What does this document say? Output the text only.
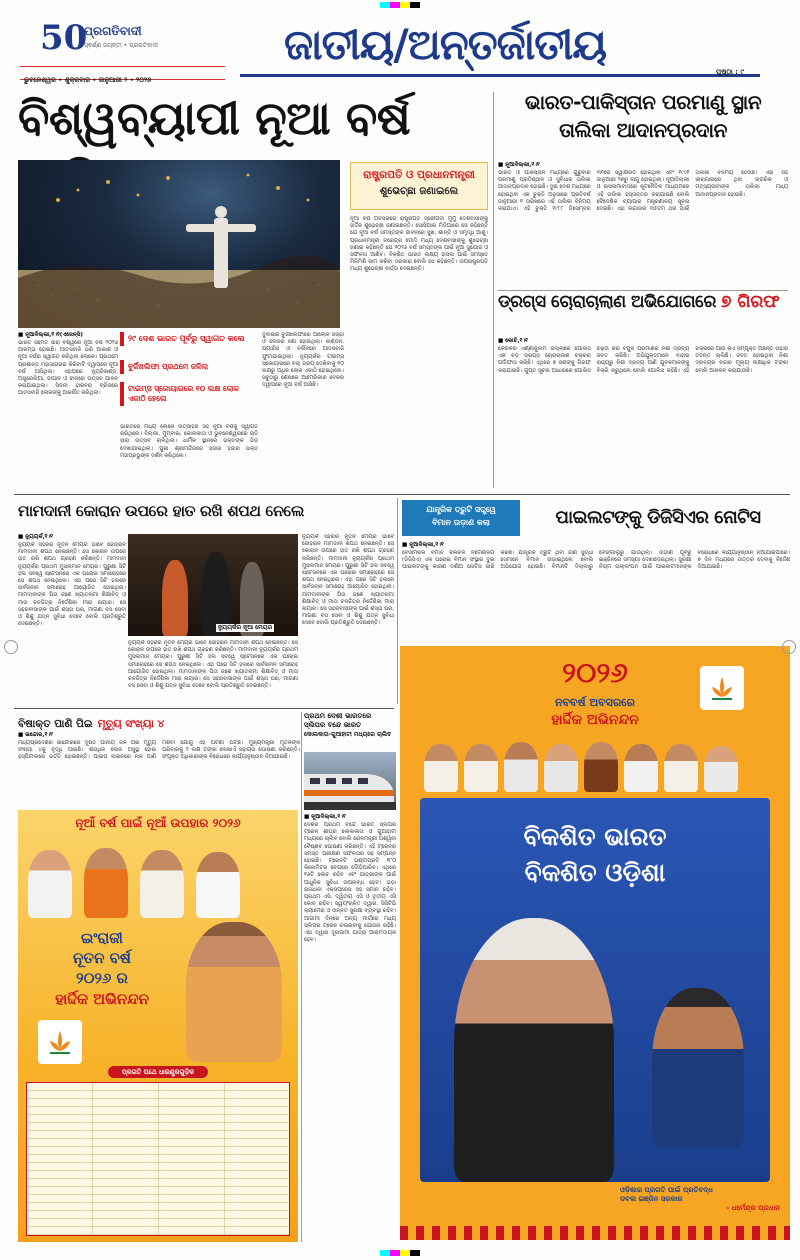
50
ପ୍ରଗତିବାଦୀ
ସ୍ଵର୍ଣ୍ଣ ଜୟନ୍ତୀ • ପ୍ରଗତିବାଦୀ
ଭୁବନେଶ୍ୱର • ଶୁକ୍ରବାର • ଜାନୁଆରୀ ୨ • ୨୦୨୬
ଜାତୀୟ/ଅନ୍ତର୍ଜାତୀୟ
ପୃଷ୍ଠା : ୯
ବିଶ୍ୱବ୍ୟାପୀ ନୂଆ ବର୍ଷ
୨୯ ଦେଶ ଭାରତ ପୂର୍ବରୁ ସ୍ୱାଗତ କଲେ
ବୁର୍ଜିଖଲିଫା ପ୍ରଥମେ ଜଳିଲା
ଟାଇମ୍ସ ସ୍କୋୟାରରେ ୧୦ ଲକ୍ଷ ଲୋକ ଏକାଠି ହେଲେ
■ ନୂଆଦିଲ୍ଲୀ,୧।୧(ଏଜେନ୍ସି)
ଭାରତ ସମେତ ସାରା ବିଶ୍ୱରେ ନୂଆ ବର୍ଷ ୨୦୨୬ ଆରମ୍ଭ ହୋଇଛି। ଆତସବାଜି ଭରି ଆକାଶ ଓ ନୂଆ ବର୍ଷର ସ୍ୱାଗତ କରିଥିଲା ଲୋକେ। ପ୍ରଥମେ ପ୍ରଶାନ୍ତ ମହାସାଗରର କିରିବାଟି ଦ୍ୱୀପରେ ନୂଆ ବର୍ଷ ଆସିଥିଲା। ଏହାପରେ ନ୍ୟୁଜିଲାଣ୍ଡ, ଅଷ୍ଟ୍ରେଲିଆ, ଜାପାନ ଓ ଚୀନରେ ଉତ୍ସବ ପାଳନ କରାଯାଇଥିଲା। ସିଡନୀ ହାରବର ବ୍ରିଜରେ ଆତସବାଜି ଲୋକଙ୍କୁ ଆକର୍ଷିତ କରିଥିଲା।
ଭାରତରେ ମଧ୍ୟ ଲୋକେ ଉତ୍ସାହର ସହ ନୂଆ ବର୍ଷକୁ ସ୍ୱାଗତ କରିଥିଲେ। ଦିଲ୍ଲୀ, ମୁମ୍ବାଇ, କୋଲକାତା ଓ ଭୁବନେଶ୍ୱରରେ ରାତି ସାରା ଉତ୍ସବ ଚାଲିଥିଲା। ଧାର୍ମିକ ସ୍ଥାନରେ ଭକ୍ତଙ୍କ ଭିଡ଼ ଦେଖାଯାଇଥିଲା। ପୁରୀ ଶ୍ରୀମନ୍ଦିରରେ ହଜାର ହଜାର ଭକ୍ତ ମହାପ୍ରଭୁଙ୍କ ଦର୍ଶନ କରିଥିଲେ।
ଦୁବାଇର ବୁର୍ଜଖଲିଫାରେ ଆଲୋକ ସଜ୍ଜା ଓ ଲେଜର ଶୋ ହୋଇଥିଲା। ଲଣ୍ଡନ, ପ୍ୟାରିସ ଓ ବର୍ଲିନରେ ଆତସବାଜି ଫୁଟାଯାଇଥିଲା। ନ୍ୟୁୟର୍କର ଟାଇମ୍ସ ସ୍କୋୟାରରେ ବଲ୍ ଡ୍ରପ୍ ଦେଖିବାକୁ ୧୦ ଲକ୍ଷରୁ ଅଧିକ ଲୋକ ଏକାଠି ହୋଇଥିଲେ। ସବୁଠାରୁ ଶେଷରେ ଆମେରିକାର ବେକର ଦ୍ୱୀପରେ ନୂଆ ବର୍ଷ ଆସିଛି।
ରାଷ୍ଟ୍ରପତି ଓ ପ୍ରଧାନମନ୍ତ୍ରୀ
ଶୁଭେଚ୍ଛା ଜଣାଇଲେ
ନୂଆ ବର୍ଷ ଅବସରରେ ରାଷ୍ଟ୍ରପତି ଦ୍ରୌପଦୀ ମୁର୍ମୁ ଦେଶବାସୀଙ୍କୁ ହାର୍ଦ୍ଦିକ ଶୁଭେଚ୍ଛା ଜଣାଇଛନ୍ତି। ସୋସିଆଲ ମିଡିଆରେ ସେ କହିଛନ୍ତି ଯେ ନୂଆ ବର୍ଷ ସମସ୍ତଙ୍କ ଜୀବନରେ ସୁଖ, ଶାନ୍ତି ଓ ସମୃଦ୍ଧି ଆଣୁ। ପ୍ରଧାନମନ୍ତ୍ରୀ ନରେନ୍ଦ୍ର ମୋଦି ମଧ୍ୟ ଦେଶବାସୀଙ୍କୁ ଶୁଭେଚ୍ଛା ଜଣାଇ କହିଛନ୍ତି ଯେ ୨୦୨୬ ବର୍ଷ ସମସ୍ତଙ୍କ ପାଇଁ ନୂଆ ସୁଯୋଗ ଓ ସଫଳତା ଆଣିବ। ବିକଶିତ ଭାରତ ଲକ୍ଷ୍ୟ ହାସଲ ପାଇଁ ସମସ୍ତେ ମିଳିମିଶି କାମ କରିବା ଦରକାର ବୋଲି ସେ କହିଛନ୍ତି। ଉପରାଷ୍ଟ୍ରପତି ମଧ୍ୟ ଶୁଭେଚ୍ଛା ବାର୍ତ୍ତା ଦେଇଛନ୍ତି।
ଭାରତ-ପାକିସ୍ତାନ ପରମାଣୁ ସ୍ଥାନ ତାଲିକା ଆଦାନପ୍ରଦାନ
■ ନୂଆଦିଲ୍ଲୀ,୧।୧
ଭାରତ ଓ ପାକିସ୍ତାନ ମଧ୍ୟରେ ଗୁରୁବାର ପରମାଣୁ ପ୍ରତିଷ୍ଠାନ ଓ ସୁବିଧାର ତାଲିକା ଆଦାନପ୍ରଦାନ ହୋଇଛି। ଦୁଇ ଦେଶ ମଧ୍ୟରେ ହୋଇଥିବା ଏକ ଚୁକ୍ତି ଅନୁସାରେ ପ୍ରତିବର୍ଷ ଜାନୁଆରୀ ୧ ତାରିଖରେ ଏହି ତାଲିକା ବିନିମୟ କରାଯାଏ। ଏହି ଚୁକ୍ତି ୧୯୮୮ ଡିସେମ୍ବର ୩୧ରେ ସ୍ୱାକ୍ଷରିତ ହୋଇଥିଲା ଏବଂ ୧୯୯୧ ଜାନୁଆରୀ ୨୭ରୁ ଲାଗୁ ହୋଇଥିଲା। ନୂଆଦିଲ୍ଲୀ ଓ ଇସଲାମାବାଦରେ କୂଟନୈତିକ ମାଧ୍ୟମରେ ଏହି ତାଲିକା ହସ୍ତାନ୍ତର କରାଯାଇଛି ବୋଲି ବୈଦେଶିକ ବ୍ୟାପାର ମନ୍ତ୍ରଣାଳୟ ସୂଚନା ଦେଇଛି। ଏହା ଲଗାତାର ୩୫ତମ ଥର ପାଇଁ ତାଲିକା ବିନିମୟ ହେଉଛି। ଏହା ସହ କାରାଗାରରେ ଥିବା ନାଗରିକ ଓ ମତ୍ସ୍ୟଜୀବୀଙ୍କ ତାଲିକା ମଧ୍ୟ ଆଦାନପ୍ରଦାନ ହୋଇଛି।
ଡ୍ରଗ୍ସ ଚୋରାଚାଲାଣ ଅଭିଯୋଗରେ ୭ ଗିରଫ
■ କୋଚି,୧।୧
କେରଳର ଏର୍ଣ୍ଣାକୁଲମ ଜିଲ୍ଲାରେ ପୋଲିସ ଏକ ବଡ଼ ଡ୍ରଗ୍ସ ଚୋରାଚାଲାଣ ଚକ୍ରର ପର୍ଦ୍ଦାଫାସ କରିଛି। ଏଥିରେ ୭ ଜଣଙ୍କୁ ଗିରଫ କରାଯାଇଛି। ଗୁପ୍ତ ସୂଚନା ଆଧାରରେ ପୋଲିସ ଚଢ଼ଉ କରି ବିପୁଳ ପରିମାଣର ନିଶା ଦ୍ରବ୍ୟ ଜବତ କରିଛି। ଅଭିଯୁକ୍ତମାନେ ବାହାର ରାଜ୍ୟରୁ ନିଶା ଦ୍ରବ୍ୟ ଆଣି ଯୁବକମାନଙ୍କୁ ବିକ୍ରି କରୁଥିଲେ ବୋଲି ପୋଲିସ କହିଛି। ଏହି ଚକ୍ରରେ ଆଉ କିଏ ସମ୍ପୃକ୍ତ ଅଛନ୍ତି ତାହାର ତଦନ୍ତ ଚାଲିଛି। ଜବତ ହୋଇଥିବା ନିଶା ଦ୍ରବ୍ୟର ବଜାର ମୂଲ୍ୟ ଲକ୍ଷାଧିକ ଟଙ୍କା ବୋଲି ଆକଳନ କରାଯାଉଛି।
ମାମଦାନୀ କୋରାନ ଉପରେ ହାତ ରଖି ଶପଥ ନେଲେ
■ ନ୍ୟୁୟର୍କ,୧।୧
ନ୍ୟୁୟର୍କର ନୂଆ ମେୟର
ନ୍ୟୁୟର୍କ ସହରର ନୂତନ ମେୟର ଭାବେ ଜୋହରାନ ମାମଦାନୀ ଶପଥ ନେଇଛନ୍ତି। ସେ କୋରାନ ଉପରେ ହାତ ରଖି ଶପଥ ଗ୍ରହଣ କରିଛନ୍ତି। ମାମଦାନୀ ନ୍ୟୁୟର୍କର ପ୍ରଥମ ମୁସଲମାନ ମେୟର। ପୁରୁଣା ସିଟି ହଲ ସବୱେ ଷ୍ଟେସନରେ ଏକ ଘରୋଇ ସମାରୋହରେ ସେ ଶପଥ ନେଇଥିଲେ। ଏହା ପରେ ସିଟି ହଲରେ ସାର୍ବଜନୀନ ସମାରୋହ ଆୟୋଜିତ ହୋଇଥିଲା। ମାମଦାନୀଙ୍କ ପିତା ଜଣେ ଖ୍ୟାତନାମା ଶିକ୍ଷାବିତ୍ ଓ ମାତା ଚଳଚ୍ଚିତ୍ର ନିର୍ଦ୍ଦେଶିକା ମୀରା ନାୟାର। ସେ ସହରବାସୀଙ୍କ ପାଇଁ ଶସ୍ତା ଘର, ମାଗଣା ବସ ସେବା ଓ ଶିଶୁ ଯତ୍ନ ସୁବିଧା ଦେବେ ବୋଲି ପ୍ରତିଶ୍ରୁତି ଦେଇଛନ୍ତି।
ନ୍ୟୁୟର୍କ ସହରର ନୂତନ ମେୟର ଭାବେ ଜୋହରାନ ମାମଦାନୀ ଶପଥ ନେଇଛନ୍ତି। ସେ କୋରାନ ଉପରେ ହାତ ରଖି ଶପଥ ଗ୍ରହଣ କରିଛନ୍ତି। ମାମଦାନୀ ନ୍ୟୁୟର୍କର ପ୍ରଥମ ମୁସଲମାନ ମେୟର। ପୁରୁଣା ସିଟି ହଲ ସବୱେ ଷ୍ଟେସନରେ ଏକ ଘରୋଇ ସମାରୋହରେ ସେ ଶପଥ ନେଇଥିଲେ। ଏହା ପରେ ସିଟି ହଲରେ ସାର୍ବଜନୀନ ସମାରୋହ ଆୟୋଜିତ ହୋଇଥିଲା। ମାମଦାନୀଙ୍କ ପିତା ଜଣେ ଖ୍ୟାତନାମା ଶିକ୍ଷାବିତ୍ ଓ ମାତା ଚଳଚ୍ଚିତ୍ର ନିର୍ଦ୍ଦେଶିକା ମୀରା ନାୟାର। ସେ ସହରବାସୀଙ୍କ ପାଇଁ ଶସ୍ତା ଘର, ମାଗଣା ବସ ସେବା ଓ ଶିଶୁ ଯତ୍ନ ସୁବିଧା ଦେବେ ବୋଲି ପ୍ରତିଶ୍ରୁତି ଦେଇଛନ୍ତି।
ନ୍ୟୁୟର୍କ ସହରର ନୂତନ ମେୟର ଭାବେ ଜୋହରାନ ମାମଦାନୀ ଶପଥ ନେଇଛନ୍ତି। ସେ କୋରାନ ଉପରେ ହାତ ରଖି ଶପଥ ଗ୍ରହଣ କରିଛନ୍ତି। ମାମଦାନୀ ନ୍ୟୁୟର୍କର ପ୍ରଥମ ମୁସଲମାନ ମେୟର। ପୁରୁଣା ସିଟି ହଲ ସବୱେ ଷ୍ଟେସନରେ ଏକ ଘରୋଇ ସମାରୋହରେ ସେ ଶପଥ ନେଇଥିଲେ। ଏହା ପରେ ସିଟି ହଲରେ ସାର୍ବଜନୀନ ସମାରୋହ ଆୟୋଜିତ ହୋଇଥିଲା। ମାମଦାନୀଙ୍କ ପିତା ଜଣେ ଖ୍ୟାତନାମା ଶିକ୍ଷାବିତ୍ ଓ ମାତା ଚଳଚ୍ଚିତ୍ର ନିର୍ଦ୍ଦେଶିକା ମୀରା ନାୟାର। ସେ ସହରବାସୀଙ୍କ ପାଇଁ ଶସ୍ତା ଘର, ମାଗଣା ବସ ସେବା ଓ ଶିଶୁ ଯତ୍ନ ସୁବିଧା ଦେବେ ବୋଲି ପ୍ରତିଶ୍ରୁତି ଦେଇଛନ୍ତି।
ଯାନ୍ତ୍ରିକ ତ୍ରୁଟି ସତ୍ତ୍ୱେ
ବିମାନ ଉଡ଼ାଣ କଲା	ପାଇଲଟଙ୍କୁ ଡିଜିସିଏର ନୋଟିସ
■ ନୂଆଦିଲ୍ଲୀ,୧।୧
ବେସାମରିକ ବିମାନ ଚଳାଚଳ ନିର୍ଦ୍ଦେଶାଳୟ (ଡିଜିସିଏ) ଏକ ଘରୋଇ ବିମାନ ସଂସ୍ଥାର ଦୁଇ ପାଇଲଟଙ୍କୁ କାରଣ ଦର୍ଶାଅ ନୋଟିସ ଜାରି କରିଛି। ଯାନ୍ତ୍ରିକ ତ୍ରୁଟି ଥିବା ଜାଣି ସୁଦ୍ଧା ସେମାନେ ବିମାନ ଉଡ଼ାଇଥିଲେ ବୋଲି ଅଭିଯୋଗ ହୋଇଛି। ବିମାନଟି ଦିଲ୍ଲୀରୁ ବେଙ୍ଗାଲୁରୁ ଯାଉଥିଲା। ଉଡ଼ାଣ ପୂର୍ବରୁ ଇଞ୍ଜିନରେ ସମସ୍ୟା ଦେଖାଦେଇଥିଲା। ସୁରକ୍ଷା ନିୟମ ଉଲ୍ଲଂଘନ ପାଇଁ ପାଇଲଟମାନଙ୍କ ବିରୋଧରେ କାର୍ଯ୍ୟାନୁଷ୍ଠାନ ନିଆଯାଇପାରେ। ୭ ଦିନ ମଧ୍ୟରେ ଉତ୍ତର ଦେବାକୁ ନିର୍ଦ୍ଦେଶ ଦିଆଯାଇଛି।
ବିଷାକ୍ତ ପାଣି ପିଇ ମୃତ୍ୟୁ ସଂଖ୍ୟା ୪
■ ଇନ୍ଦୋର,୧।୧
ମଧ୍ୟପ୍ରଦେଶର ଇନ୍ଦୋରରେ ଦୂଷିତ ପାନୀୟ ଜଳ ପିଇ ମୃତ୍ୟୁ ସଂଖ୍ୟା ୪କୁ ବୃଦ୍ଧି ପାଇଛି। ଶତାଧିକ ଲୋକ ଅସୁସ୍ଥ ହୋଇ ହସ୍ପିଟାଲରେ ଭର୍ତ୍ତି ହୋଇଛନ୍ତି। ପାଇପ ଲାଇନରେ ନାଳ ପାଣି ମିଶିବା ଯୋଗୁଁ ଏହି ଘଟଣା ଘଟିଛି। ମୁଖ୍ୟମନ୍ତ୍ରୀ ମୃତକଙ୍କ ପରିବାରକୁ ୨ ଲକ୍ଷ ଟଙ୍କା ଲେଖାଏଁ ସହାୟତା ଘୋଷଣା କରିଛନ୍ତି। ସଂପୃକ୍ତ ଅଧିକାରୀଙ୍କ ବିରୋଧରେ କାର୍ଯ୍ୟାନୁଷ୍ଠାନ ନିଆଯାଇଛି।
ପ୍ରଥମ ଦେଶୀ ଭାରତରେ
ସ୍ଲିପର ବନ୍ଦେ ଭାରତ
କୋଲକାତା-ଗୁଆହାଟୀ ମଧ୍ୟରେ ଚାଲିବ
■ ନୂଆଦିଲ୍ଲୀ,୧।୧
ଦେଶର ପ୍ରଥମ ବନ୍ଦେ ଭାରତ ସ୍ଲିପର ଟ୍ରେନ ଶୀଘ୍ର କୋଲକାତା ଓ ଗୁଆହାଟୀ ମଧ୍ୟରେ ଚାଲିବ ବୋଲି ରେଳମନ୍ତ୍ରୀ ଅଶ୍ୱିନୀ ବୈଷ୍ଣବ ଘୋଷଣା କରିଛନ୍ତି। ଏହି ଟ୍ରେନର ସମସ୍ତ ପରୀକ୍ଷଣ ସଫଳତାର ସହ ସମ୍ପନ୍ନ ହୋଇଛି। ଟ୍ରେନଟି ଘଣ୍ଟାପ୍ରତି ୧୮୦ କିଲୋମିଟର ବେଗରେ ଦୌଡ଼ିପାରିବ। ଏଥିରେ ୧୬ଟି କୋଚ ରହିବ ଏବଂ ଯାତ୍ରୀଙ୍କ ପାଇଁ ଆଧୁନିକ ସୁବିଧା ଉପଲବ୍ଧ ହେବ। ଭଡ଼ା ରାଜଧାନୀ ଏକ୍ସପ୍ରେସ ସହ ସମାନ ରହିବ। ପ୍ରଥମ ଏସି, ଦ୍ୱିତୀୟ ଏସି ଓ ତୃତୀୟ ଏସି କୋଚ ରହିବ। ସ୍ୱୟଂଚାଳିତ ଦ୍ୱାର, ସିସିଟିଭି କ୍ୟାମେରା ଓ ଉନ୍ନତ ସୁରକ୍ଷା ବ୍ୟବସ୍ଥା ରହିବ। ଆଗାମୀ ଦିନରେ ଅନ୍ୟ ମାର୍ଗରେ ମଧ୍ୟ ସ୍ଲିପର ଟ୍ରେନ ଚଳାଇବାକୁ ଯୋଜନା ରହିଛି। ଏହା ଦ୍ୱାରା ଦୂରଗାମୀ ଯାତ୍ରା ଆରାମଦାୟକ ହେବ।
ନୂଆଁ ବର୍ଷ ପାଇଁ ନୂଆଁ ଉପହାର ୨୦୨୬
ଇଂରାଜୀ
ନୂତନ ବର୍ଷ
୨୦୨୬ ର
ହାର୍ଦ୍ଦିକ ଅଭିନନ୍ଦନ
ପ୍ରଗତି ପଥେ ଧାରଣ୍ଟ୍ରଗୁଡ଼ିକ
୨୦୨୬
ନବବର୍ଷ ଅବସରରେ
ହାର୍ଦ୍ଦିକ ଅଭିନନ୍ଦନ
ବିକଶିତ ଭାରତ
ବିକଶିତ ଓଡ଼ିଶା
ଓଡ଼ିଶାର ପ୍ରଗତି ପାଇଁ ପ୍ରତିବଦ୍ଧ
ଡବଲ ଇଞ୍ଜିନ ସରକାର
- ଧର୍ମେନ୍ଦ୍ର ପ୍ରଧାନ
